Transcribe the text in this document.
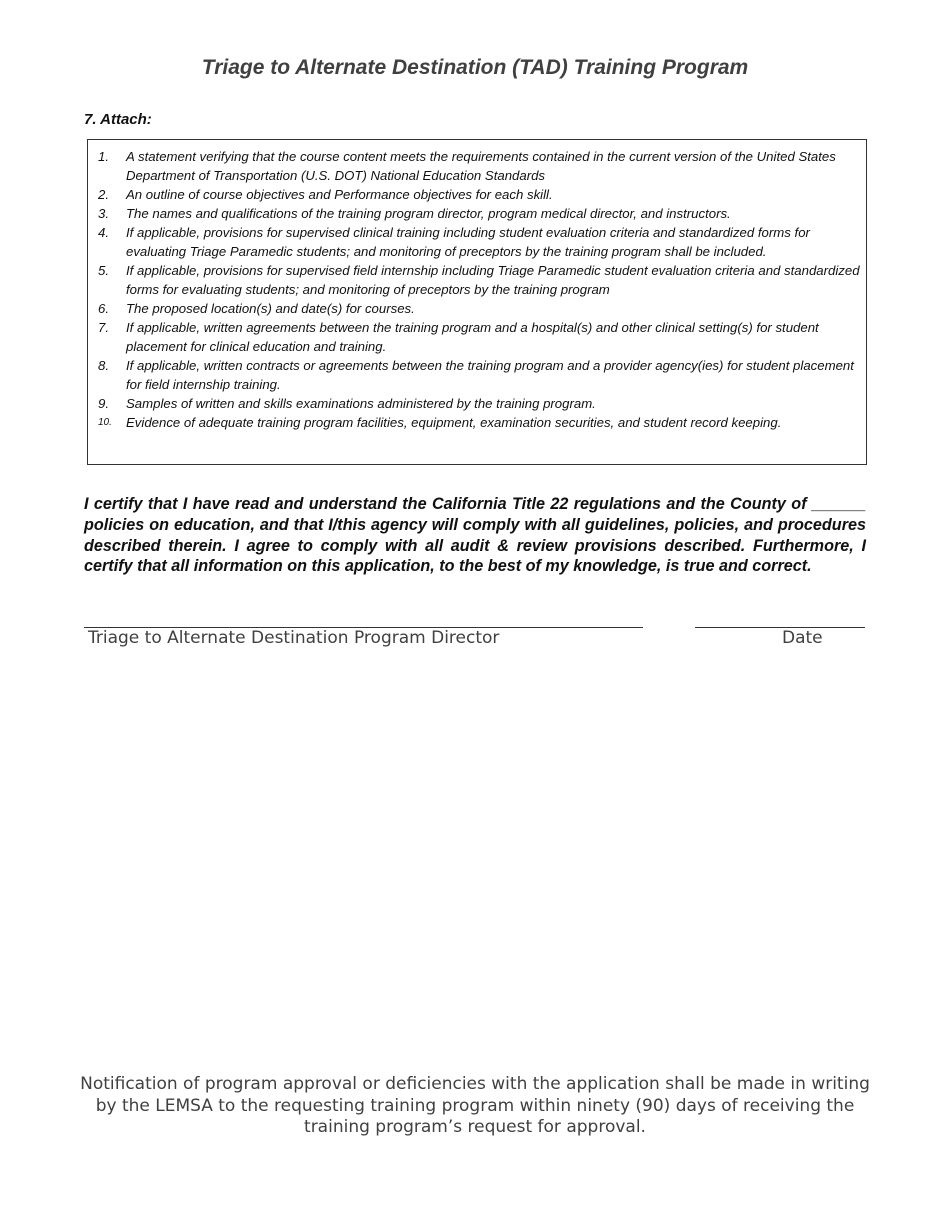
Triage to Alternate Destination (TAD) Training Program
7. Attach:
1.	A statement verifying that the course content meets the requirements contained in the current version of the United States Department of Transportation (U.S. DOT) National Education Standards
2.	An outline of course objectives and Performance objectives for each skill.
3.	The names and qualifications of the training program director, program medical director, and instructors.
4.	If applicable, provisions for supervised clinical training including student evaluation criteria and standardized forms for evaluating Triage Paramedic students; and monitoring of preceptors by the training program shall be included.
5.	If applicable, provisions for supervised field internship including Triage Paramedic student evaluation criteria and standardized forms for evaluating students; and monitoring of preceptors by the training program
6.	The proposed location(s) and date(s) for courses.
7.	If applicable, written agreements between the training program and a hospital(s) and other clinical setting(s) for student placement for clinical education and training.
8.	If applicable, written contracts or agreements between the training program and a provider agency(ies) for student placement for field internship training.
9.	Samples of written and skills examinations administered by the training program.
10.	Evidence of adequate training program facilities, equipment, examination securities, and student record keeping.

I certify that I have read and understand the California Title 22 regulations and the County of ______ policies on education, and that I/this agency will comply with all guidelines, policies, and procedures described therein. I agree to comply with all audit & review provisions described. Furthermore, I certify that all information on this application, to the best of my knowledge, is true and correct.

Triage to Alternate Destination Program Director	Date

Notification of program approval or deficiencies with the application shall be made in writing by the LEMSA to the requesting training program within ninety (90) days of receiving the training program’s request for approval.
